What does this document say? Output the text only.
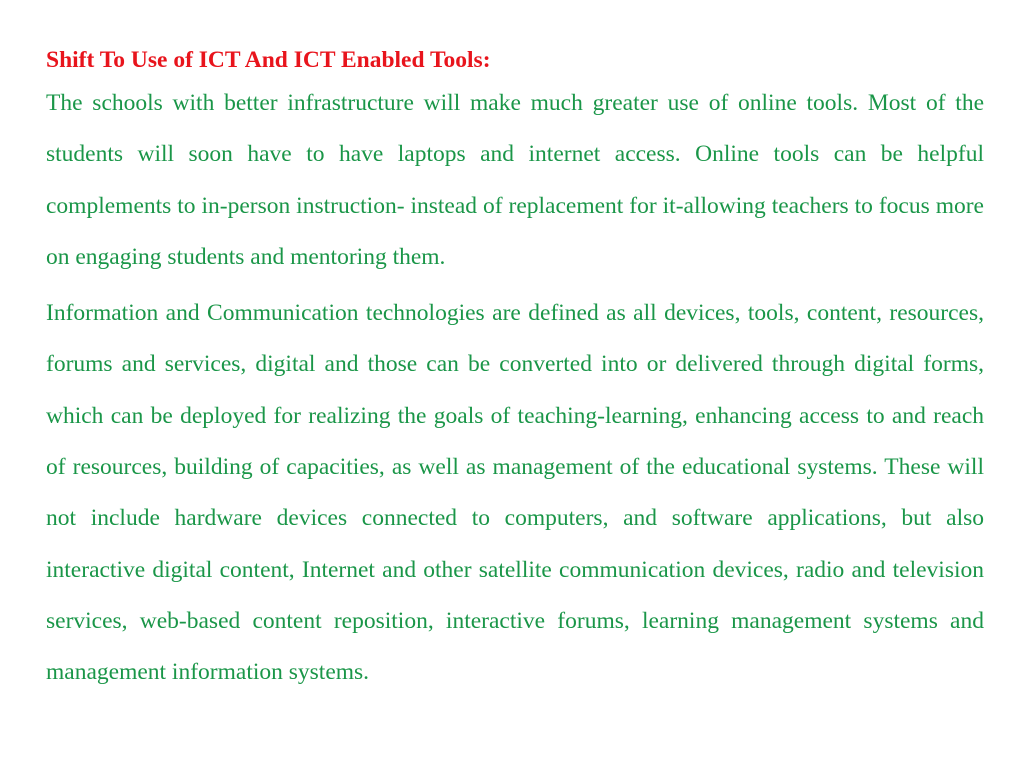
Shift To Use of ICT And ICT Enabled Tools:

The schools with better infrastructure will make much greater use of online tools. Most of the students will soon have to have laptops and internet access. Online tools can be helpful complements to in-person instruction- instead of replacement for it-allowing teachers to focus more on engaging students and mentoring them.

Information and Communication technologies are defined as all devices, tools, content, resources, forums and services, digital and those can be converted into or delivered through digital forms, which can be deployed for realizing the goals of teaching-learning, enhancing access to and reach of resources, building of capacities, as well as management of the educational systems. These will not include hardware devices connected to computers, and software applications, but also interactive digital content, Internet and other satellite communication devices, radio and television services, web-based content reposition, interactive forums, learning management systems and management information systems.
